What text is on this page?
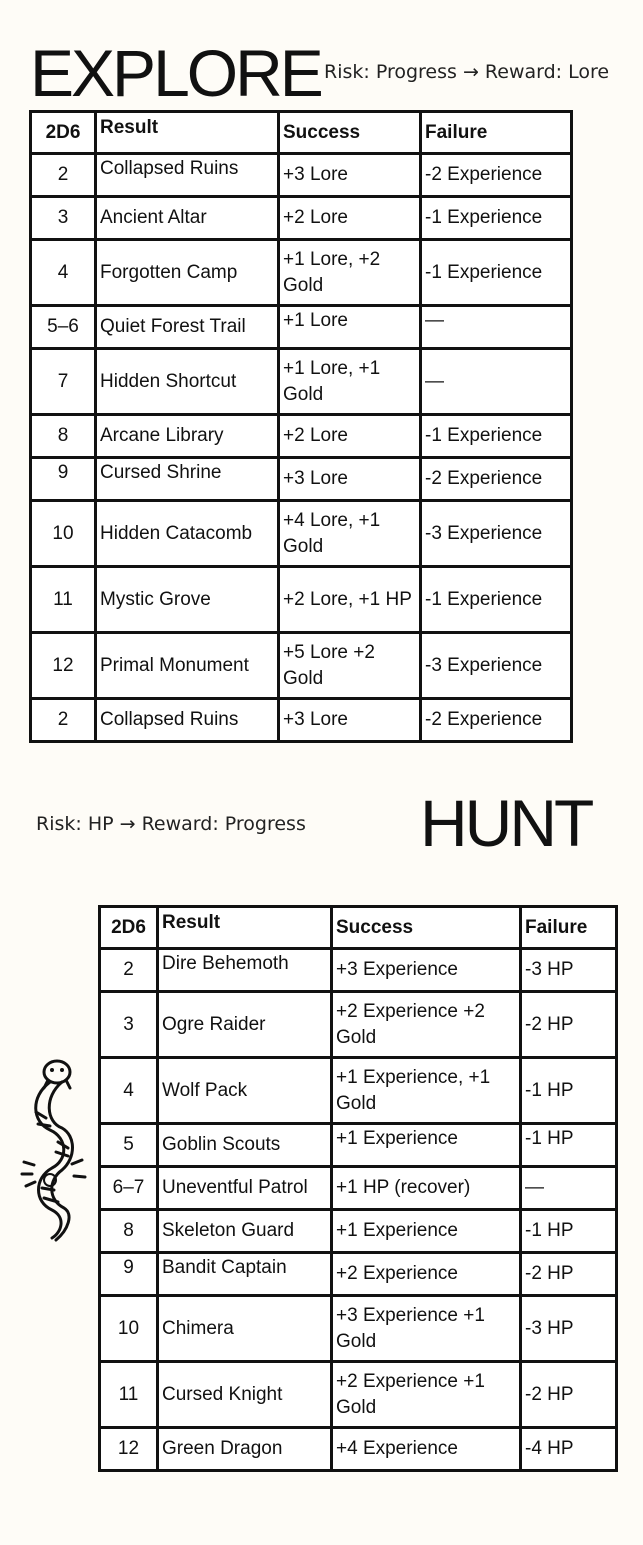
EXPLORE Risk: Progress → Reward: Lore

2D6	Result	Success	Failure
2	Collapsed Ruins	+3 Lore	-2 Experience
3	Ancient Altar	+2 Lore	-1 Experience
4	Forgotten Camp	+1 Lore, +2 Gold	-1 Experience
5–6	Quiet Forest Trail	+1 Lore	—
7	Hidden Shortcut	+1 Lore, +1 Gold	—
8	Arcane Library	+2 Lore	-1 Experience
9	Cursed Shrine	+3 Lore	-2 Experience
10	Hidden Catacomb	+4 Lore, +1 Gold	-3 Experience
11	Mystic Grove	+2 Lore, +1 HP	-1 Experience
12	Primal Monument	+5 Lore +2 Gold	-3 Experience
2	Collapsed Ruins	+3 Lore	-2 Experience

Risk: HP → Reward: Progress HUNT
2D6	Result	Success	Failure
2	Dire Behemoth	+3 Experience	-3 HP
3	Ogre Raider	+2 Experience +2 Gold	-2 HP
4	Wolf Pack	+1 Experience, +1 Gold	-1 HP
5	Goblin Scouts	+1 Experience	-1 HP
6–7	Uneventful Patrol	+1 HP (recover)	—
8	Skeleton Guard	+1 Experience	-1 HP
9	Bandit Captain	+2 Experience	-2 HP
10	Chimera	+3 Experience +1 Gold	-3 HP
11	Cursed Knight	+2 Experience +1 Gold	-2 HP
12	Green Dragon	+4 Experience	-4 HP
